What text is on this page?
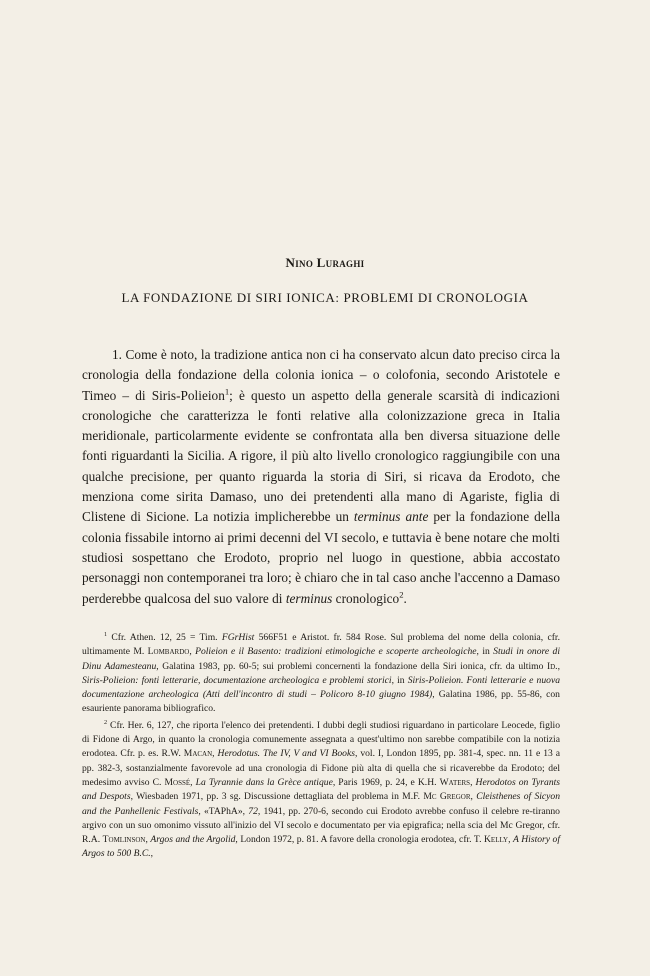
Nino Luraghi
LA FONDAZIONE DI SIRI IONICA: PROBLEMI DI CRONOLOGIA

1. Come è noto, la tradizione antica non ci ha conservato alcun dato preciso circa la cronologia della fondazione della colonia ionica – o colofonia, secondo Aristotele e Timeo – di Siris-Polieion$^1$; è questo un aspetto della generale scarsità di indicazioni cronologiche che caratterizza le fonti relative alla colonizzazione greca in Italia meridionale, particolarmente evidente se confrontata alla ben diversa situazione delle fonti riguardanti la Sicilia. A rigore, il più alto livello cronologico raggiungibile con una qualche precisione, per quanto riguarda la storia di Siri, si ricava da Erodoto, che menziona come sirita Damaso, uno dei pretendenti alla mano di Agariste, figlia di Clistene di Sicione. La notizia implicherebbe un terminus ante per la fondazione della colonia fissabile intorno ai primi decenni del VI secolo, e tuttavia è bene notare che molti studiosi sospettano che Erodoto, proprio nel luogo in questione, abbia accostato personaggi non contemporanei tra loro; è chiaro che in tal caso anche l'accenno a Damaso perderebbe qualcosa del suo valore di terminus cronologico$^2$.

$^1$ Cfr. Athen. 12, 25 = Tim. FGrHist 566F51 e Aristot. fr. 584 Rose. Sul problema del nome della colonia, cfr. ultimamente M. Lombardo, Polieion e il Basento: tradizioni etimologiche e scoperte archeologiche, in Studi in onore di Dinu Adamesteanu, Galatina 1983, pp. 60-5; sui problemi concernenti la fondazione della Siri ionica, cfr. da ultimo Id., Siris-Polieion: fonti letterarie, documentazione archeologica e problemi storici, in Siris-Polieion. Fonti letterarie e nuova documentazione archeologica (Atti dell'incontro di studi – Policoro 8-10 giugno 1984), Galatina 1986, pp. 55-86, con esauriente panorama bibliografico.

$^2$ Cfr. Her. 6, 127, che riporta l'elenco dei pretendenti. I dubbi degli studiosi riguardano in particolare Leocede, figlio di Fidone di Argo, in quanto la cronologia comunemente assegnata a quest'ultimo non sarebbe compatibile con la notizia erodotea. Cfr. p. es. R.W. Macan, Herodotus. The IV, V and VI Books, vol. I, London 1895, pp. 381-4, spec. nn. 11 e 13 a pp. 382-3, sostanzialmente favorevole ad una cronologia di Fidone più alta di quella che si ricaverebbe da Erodoto; del medesimo avviso C. Mossé, La Tyrannie dans la Grèce antique, Paris 1969, p. 24, e K.H. Waters, Herodotos on Tyrants and Despots, Wiesbaden 1971, pp. 3 sg. Discussione dettagliata del problema in M.F. Mc Gregor, Cleisthenes of Sicyon and the Panhellenic Festivals, «TAPhA», 72, 1941, pp. 270-6, secondo cui Erodoto avrebbe confuso il celebre re-tiranno argivo con un suo omonimo vissuto all'inizio del VI secolo e documentato per via epigrafica; nella scia del Mc Gregor, cfr. R.A. Tomlinson, Argos and the Argolid, London 1972, p. 81. A favore della cronologia erodotea, cfr. T. Kelly, A History of Argos to 500 B.C.,
